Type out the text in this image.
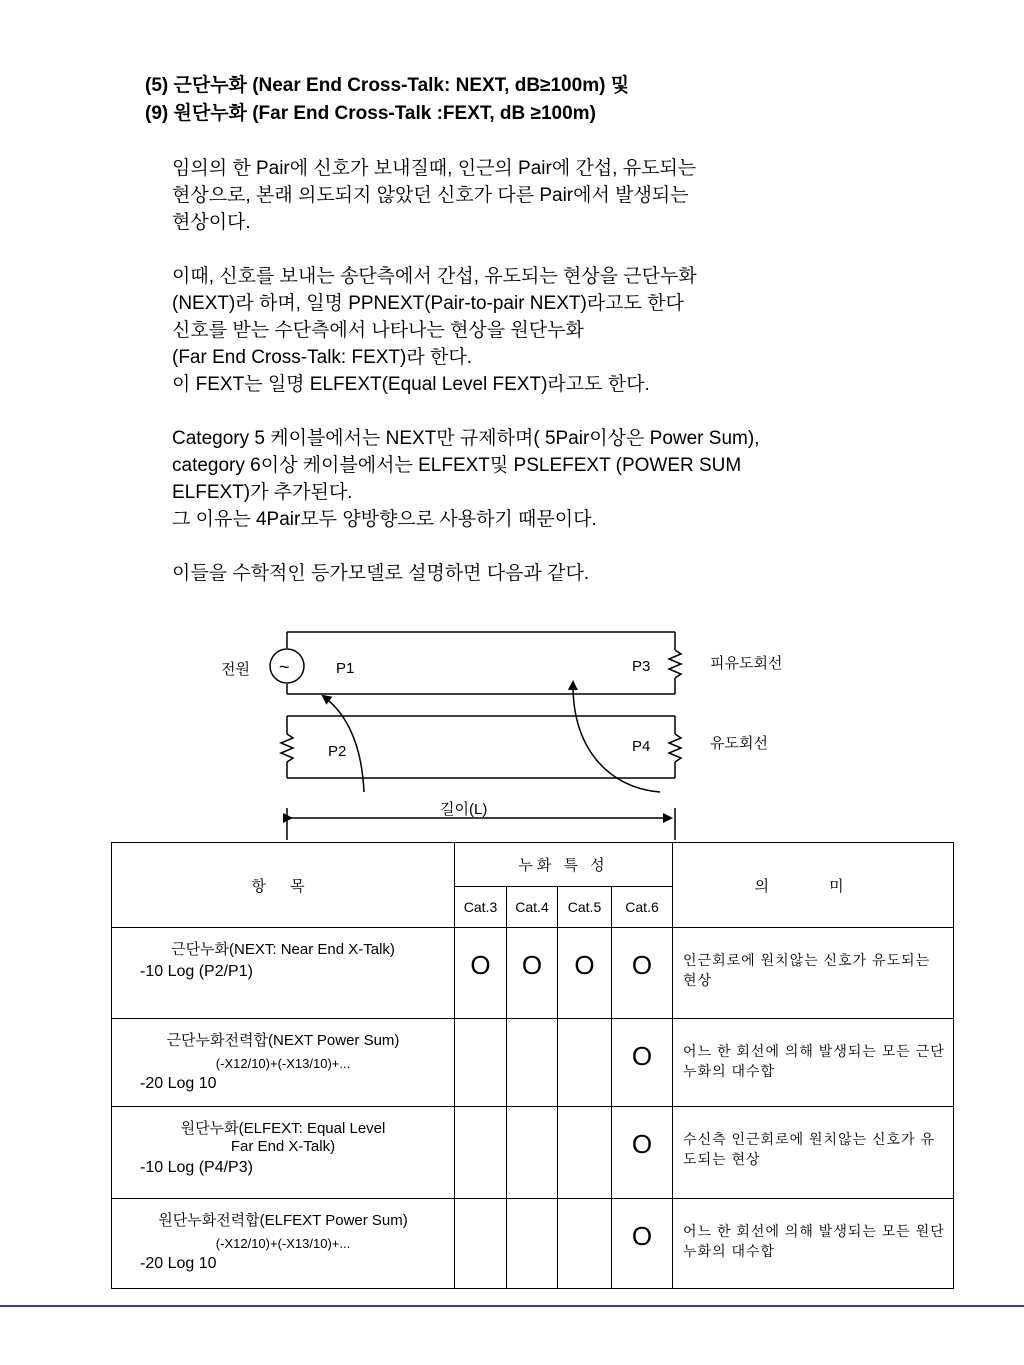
(5) 근단누화 (Near End Cross-Talk: NEXT, dB≥100m) 및
(9) 원단누화 (Far End Cross-Talk :FEXT, dB ≥100m)

임의의 한 Pair에 신호가 보내질때, 인근의 Pair에 간섭, 유도되는
현상으로, 본래 의도되지 않았던 신호가 다른 Pair에서 발생되는
현상이다.

이때, 신호를 보내는 송단측에서 간섭, 유도되는 현상을 근단누화
(NEXT)라 하며, 일명 PPNEXT(Pair-to-pair NEXT)라고도 한다
신호를 받는 수단측에서 나타나는 현상을 원단누화
(Far End Cross-Talk: FEXT)라 한다.
이 FEXT는 일명 ELFEXT(Equal Level FEXT)라고도 한다.

Category 5 케이블에서는 NEXT만 규제하며( 5Pair이상은 Power Sum),
category 6이상 케이블에서는 ELFEXT및 PSLEFEXT (POWER SUM
ELFEXT)가 추가된다.
그 이유는 4Pair모두 양방향으로 사용하기 때문이다.

이들을 수학적인 등가모델로 설명하면 다음과 같다.

전원 ~	P1	P3	피유도회선
P2	P4	유도회선
길이(L)
항 목	누화 특 성				의 미
	Cat.3	Cat.4	Cat.5	Cat.6	

근단누화(NEXT: Near End X-Talk)
-10 Log (P2/P1)	O	O	O	O	인근회로에 원치않는 신호가 유도되는 현상

근단누화전력합(NEXT Power Sum)
(-X12/10)+(-X13/10)+...
-20 Log 10				O	어느 한 회선에 의해 발생되는 모든 근단누화의 대수합

원단누화(ELFEXT: Equal Level Far End X-Talk)
-10 Log (P4/P3)				O	수신측 인근회로에 원치않는 신호가 유도되는 현상

원단누화전력합(ELFEXT Power Sum)
(-X12/10)+(-X13/10)+...
-20 Log 10				O	어느 한 회선에 의해 발생되는 모든 원단누화의 대수합
